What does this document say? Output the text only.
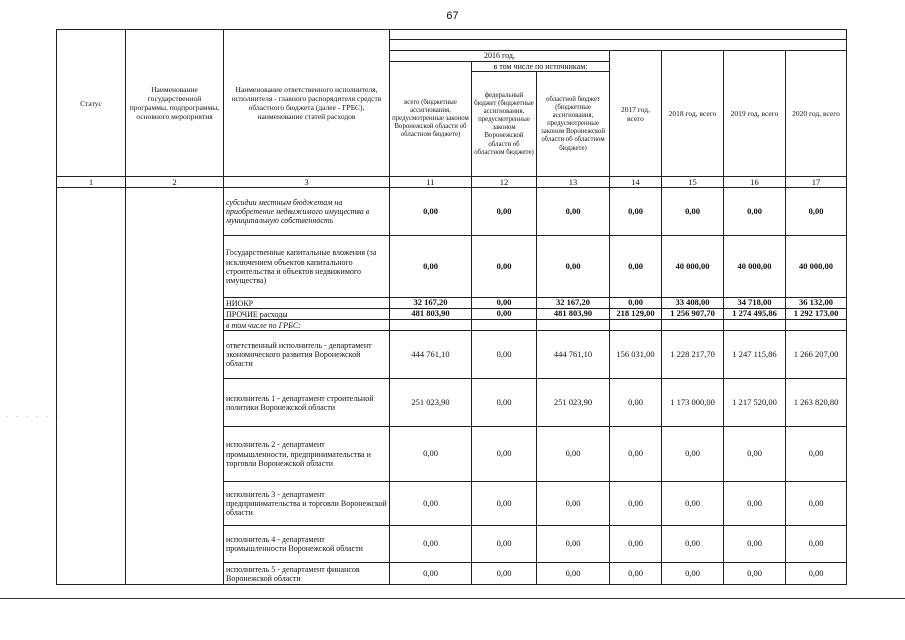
67
. . . . . .
Статус	Наименование государственной программы, подпрограммы, основного мероприятия	Наименование ответственного исполнителя, исполнителя - главного распорядителя средств областного бюджета (далее - ГРБС), наименование статей расходов							

			2016 год,			2017 год, всего	2018 год, всего	2019 год, всего	2020 год, всего
			всего (бюджетные ассигнования, предусмотренные законом Воронежской области об областном бюджете)	в том числе по источникам:					
				федеральный бюджет (бюджетные ассигнования, предусмотренные законом Воронежской области об областном бюджете)	областной бюджет (бюджетные ассигнования, предусмотренные законом Воронежской области об областном бюджете)				
1	2	3	11	12	13	14	15	16	17
		субсидии местным бюджетам на приобретение недвижимого имущества в муниципальную собственность	0,00	0,00	0,00	0,00	0,00	0,00	0,00
		Государственные капитальные вложения (за исключением объектов капитального строительства и объектов недвижимого имущества)	0,00	0,00	0,00	0,00	40 000,00	40 000,00	40 000,00
		НИОКР	32 167,20	0,00	32 167,20	0,00	33 408,00	34 718,00	36 132,00
		ПРОЧИЕ расходы	481 803,90	0,00	481 803,90	218 129,00	1 256 907,70	1 274 495,86	1 292 173,00
		в том числе по ГРБС:							
		ответственный исполнитель - департамент экономического развития Воронежской области	444 761,10	0,00	444 761,10	156 031,00	1 228 217,70	1 247 115,86	1 266 207,00
		исполнитель 1 - департамент строительной политики Воронежской области	251 023,90	0,00	251 023,90	0,00	1 173 000,00	1 217 520,00	1 263 820,80
		исполнитель 2 - департамент промышленности, предпринимательства и торговли Воронежской области	0,00	0,00	0,00	0,00	0,00	0,00	0,00
		исполнитель 3 - департамент предпринимательства и торговли Воронежской области	0,00	0,00	0,00	0,00	0,00	0,00	0,00
		исполнитель 4 - департамент промышленности Воронежской области	0,00	0,00	0,00	0,00	0,00	0,00	0,00
		исполнитель 5 - департамент финансов Воронежской области	0,00	0,00	0,00	0,00	0,00	0,00	0,00
